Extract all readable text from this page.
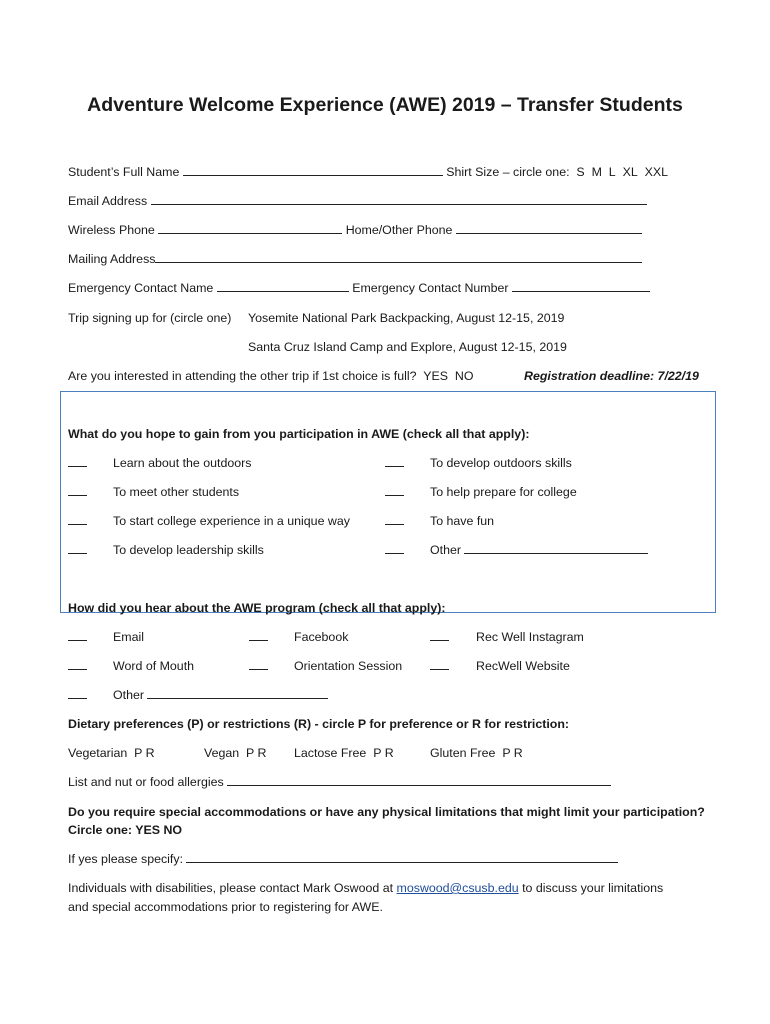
Adventure Welcome Experience (AWE) 2019 – Transfer Students
Student’s Full Name	Shirt Size – circle one: S M L XL XXL
Email Address
Wireless Phone	Home/Other Phone
Mailing Address
Emergency Contact Name	Emergency Contact Number
Trip signing up for (circle one) Yosemite National Park Backpacking, August 12-15, 2019
Santa Cruz Island Camp and Explore, August 12-15, 2019
Are you interested in attending the other trip if 1st choice is full? YES NO	Registration deadline: 7/22/19
What do you hope to gain from you participation in AWE (check all that apply):
Learn about the outdoors	To develop outdoors skills
To meet other students	To help prepare for college
To start college experience in a unique way	To have fun
To develop leadership skills	Other
How did you hear about the AWE program (check all that apply):
Email	Facebook	Rec Well Instagram
Word of Mouth	Orientation Session	RecWell Website
Other
Dietary preferences (P) or restrictions (R) - circle P for preference or R for restriction:
Vegetarian P R	Vegan P R Lactose Free P R	Gluten Free P R
List and nut or food allergies
Do you require special accommodations or have any physical limitations that might limit your participation?
Circle one: YES NO
If yes please specify:
Individuals with disabilities, please contact Mark Oswood at moswood@csusb.edu to discuss your limitations
and special accommodations prior to registering for AWE.
